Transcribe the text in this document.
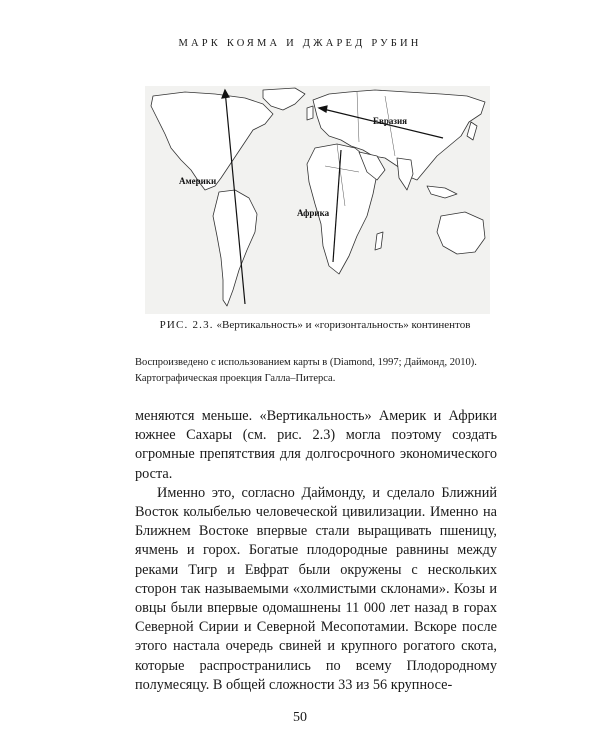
МАРК КОЯМА И ДЖАРЕД РУБИН
Америки
Африка
Евразия
РИС. 2.3. «Вертикальность» и «горизонтальность» континентов
Воспроизведено с использованием карты в (Diamond, 1997; Даймонд, 2010). Картографическая проекция Галла–Питерса.

меняются меньше. «Вертикальность» Америк и Африки южнее Сахары (см. рис. 2.3) могла поэтому создать огромные препятствия для долгосрочного экономического роста.

Именно это, согласно Даймонду, и сделало Ближний Восток колыбелью человеческой цивилизации. Именно на Ближнем Востоке впервые стали выращивать пшеницу, ячмень и горох. Богатые плодородные равнины между реками Тигр и Евфрат были окружены с нескольких сторон так называемыми «холмистыми склонами». Козы и овцы были впервые одомашнены 11 000 лет назад в горах Северной Сирии и Северной Месопотамии. Вскоре после этого настала очередь свиней и крупного рогатого скота, которые распространились по всему Плодородному полумесяцу. В общей сложности 33 из 56 крупносе-

50
